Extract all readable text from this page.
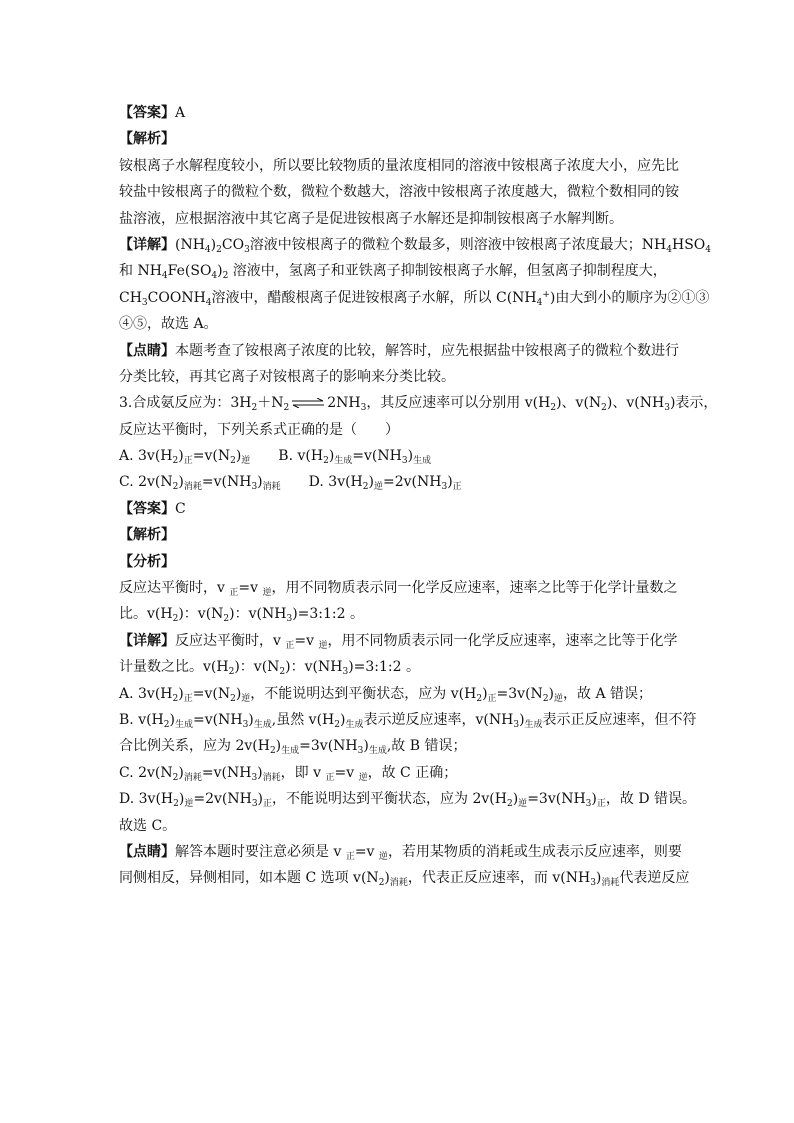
【答案】A
【解析】
铵根离子水解程度较小，所以要比较物质的量浓度相同的溶液中铵根离子浓度大小，应先比
较盐中铵根离子的微粒个数，微粒个数越大，溶液中铵根离子浓度越大，微粒个数相同的铵
盐溶液，应根据溶液中其它离子是促进铵根离子水解还是抑制铵根离子水解判断。
【详解】$(NH_4)_2CO_3$溶液中铵根离子的微粒个数最多，则溶液中铵根离子浓度最大；$NH_4HSO_4$
和 $NH_4Fe(SO_4)_2$ 溶液中，氢离子和亚铁离子抑制铵根离子水解，但氢离子抑制程度大，
$CH_3COONH_4$溶液中，醋酸根离子促进铵根离子水解，所以 $C(NH_4^+)$由大到小的顺序为②①③
④⑤，故选 A。
【点睛】本题考查了铵根离子浓度的比较，解答时，应先根据盐中铵根离子的微粒个数进行
分类比较，再其它离子对铵根离子的影响来分类比较。
3.合成氨反应为：$3H_2+N_2$ ⇌ $2NH_3$，其反应速率可以分别用 $v(H_2)$、$v(N_2)$、$v(NH_3)$表示，
反应达平衡时，下列关系式正确的是（　　）
A. $3v(H_2)_正=v(N_2)_逆$ B. $v(H_2)_{生成}=v(NH_3)_{生成}$
C. $2v(N_2)_{消耗}=v(NH_3)_{消耗}$ D. $3v(H_2)_逆=2v(NH_3)_正$
【答案】C
【解析】
【分析】
反应达平衡时，v $_正$=v $_逆$，用不同物质表示同一化学反应速率，速率之比等于化学计量数之
比。$v(H_2)$：$v(N_2)$：$v(NH_3)=3:1:2$ 。
【详解】反应达平衡时，v $_正$=v $_逆$，用不同物质表示同一化学反应速率，速率之比等于化学
计量数之比。$v(H_2)$：$v(N_2)$：$v(NH_3)=3:1:2$ 。
A. $3v(H_2)_正=v(N_2)_逆$，不能说明达到平衡状态，应为 $v(H_2)_正=3v(N_2)_逆$，故 A 错误；
B. $v(H_2)_{生成}=v(NH_3)_{生成}$,虽然 $v(H_2)_{生成}$表示逆反应速率，$v(NH_3)_{生成}$表示正反应速率，但不符
合比例关系，应为 $2v(H_2)_{生成}=3v(NH_3)_{生成}$,故 B 错误；
C. $2v(N_2)_{消耗}=v(NH_3)_{消耗}$，即 v $_正$=v $_逆$，故 C 正确；
D. $3v(H_2)_逆=2v(NH_3)_正$，不能说明达到平衡状态，应为 $2v(H_2)_逆=3v(NH_3)_正$，故 D 错误。
故选 C。
【点睛】解答本题时要注意必须是 v $_正$=v $_逆$，若用某物质的消耗或生成表示反应速率，则要
同侧相反，异侧相同，如本题 C 选项 $v(N_2)_{消耗}$，代表正反应速率，而 $v(NH_3)_{消耗}$代表逆反应
